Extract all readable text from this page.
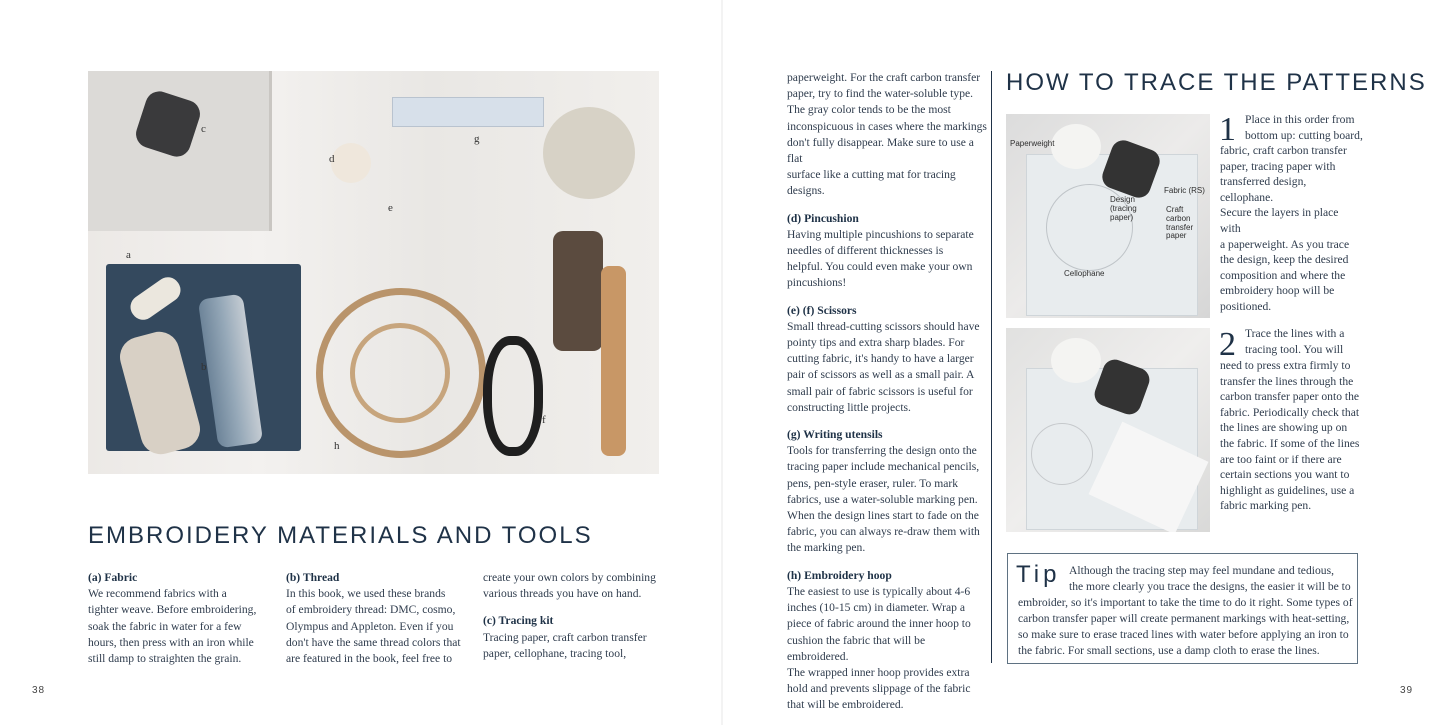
a
b
c
d
e
f
g
h
EMBROIDERY MATERIALS AND TOOLS
(a) Fabric
We recommend fabrics with a
tighter weave. Before embroidering,
soak the fabric in water for a few
hours, then press with an iron while
still damp to straighten the grain.
(b) Thread
In this book, we used these brands
of embroidery thread: DMC, cosmo,
Olympus and Appleton. Even if you
don't have the same thread colors that
are featured in the book, feel free to
create your own colors by combining
various threads you have on hand.
(c) Tracing kit
Tracing paper, craft carbon transfer
paper, cellophane, tracing tool,
38
paperweight. For the craft carbon transfer
paper, try to find the water-soluble type.
The gray color tends to be the most
inconspicuous in cases where the markings
don't fully disappear. Make sure to use a flat
surface like a cutting mat for tracing designs.
(d) Pincushion
Having multiple pincushions to separate
needles of different thicknesses is
helpful. You could even make your own
pincushions!
(e) (f) Scissors
Small thread-cutting scissors should have
pointy tips and extra sharp blades. For
cutting fabric, it's handy to have a larger
pair of scissors as well as a small pair. A
small pair of fabric scissors is useful for
constructing little projects.
(g) Writing utensils
Tools for transferring the design onto the
tracing paper include mechanical pencils,
pens, pen-style eraser, ruler. To mark
fabrics, use a water-soluble marking pen.
When the design lines start to fade on the
fabric, you can always re-draw them with
the marking pen.
(h) Embroidery hoop
The easiest to use is typically about 4-6
inches (10-15 cm) in diameter. Wrap a
piece of fabric around the inner hoop to
cushion the fabric that will be embroidered.
The wrapped inner hoop provides extra
hold and prevents slippage of the fabric
that will be embroidered.
HOW TO TRACE THE PATTERNS
Paperweight
Fabric (RS)
Design
(tracing
paper)
Craft
carbon
transfer
paper
Cellophane
1 Place in this order from
bottom up: cutting board,
fabric, craft carbon transfer
paper, tracing paper with
transferred design, cellophane.
Secure the layers in place with
a paperweight. As you trace
the design, keep the desired
composition and where the
embroidery hoop will be
positioned.
2 Trace the lines with a
tracing tool. You will
need to press extra firmly to
transfer the lines through the
carbon transfer paper onto the
fabric. Periodically check that
the lines are showing up on
the fabric. If some of the lines
are too faint or if there are
certain sections you want to
highlight as guidelines, use a
fabric marking pen.
Tip Although the tracing step may feel mundane and tedious,
the more clearly you trace the designs, the easier it will be to
embroider, so it's important to take the time to do it right. Some types of
carbon transfer paper will create permanent markings with heat-setting,
so make sure to erase traced lines with water before applying an iron to
the fabric. For small sections, use a damp cloth to erase the lines.
39
